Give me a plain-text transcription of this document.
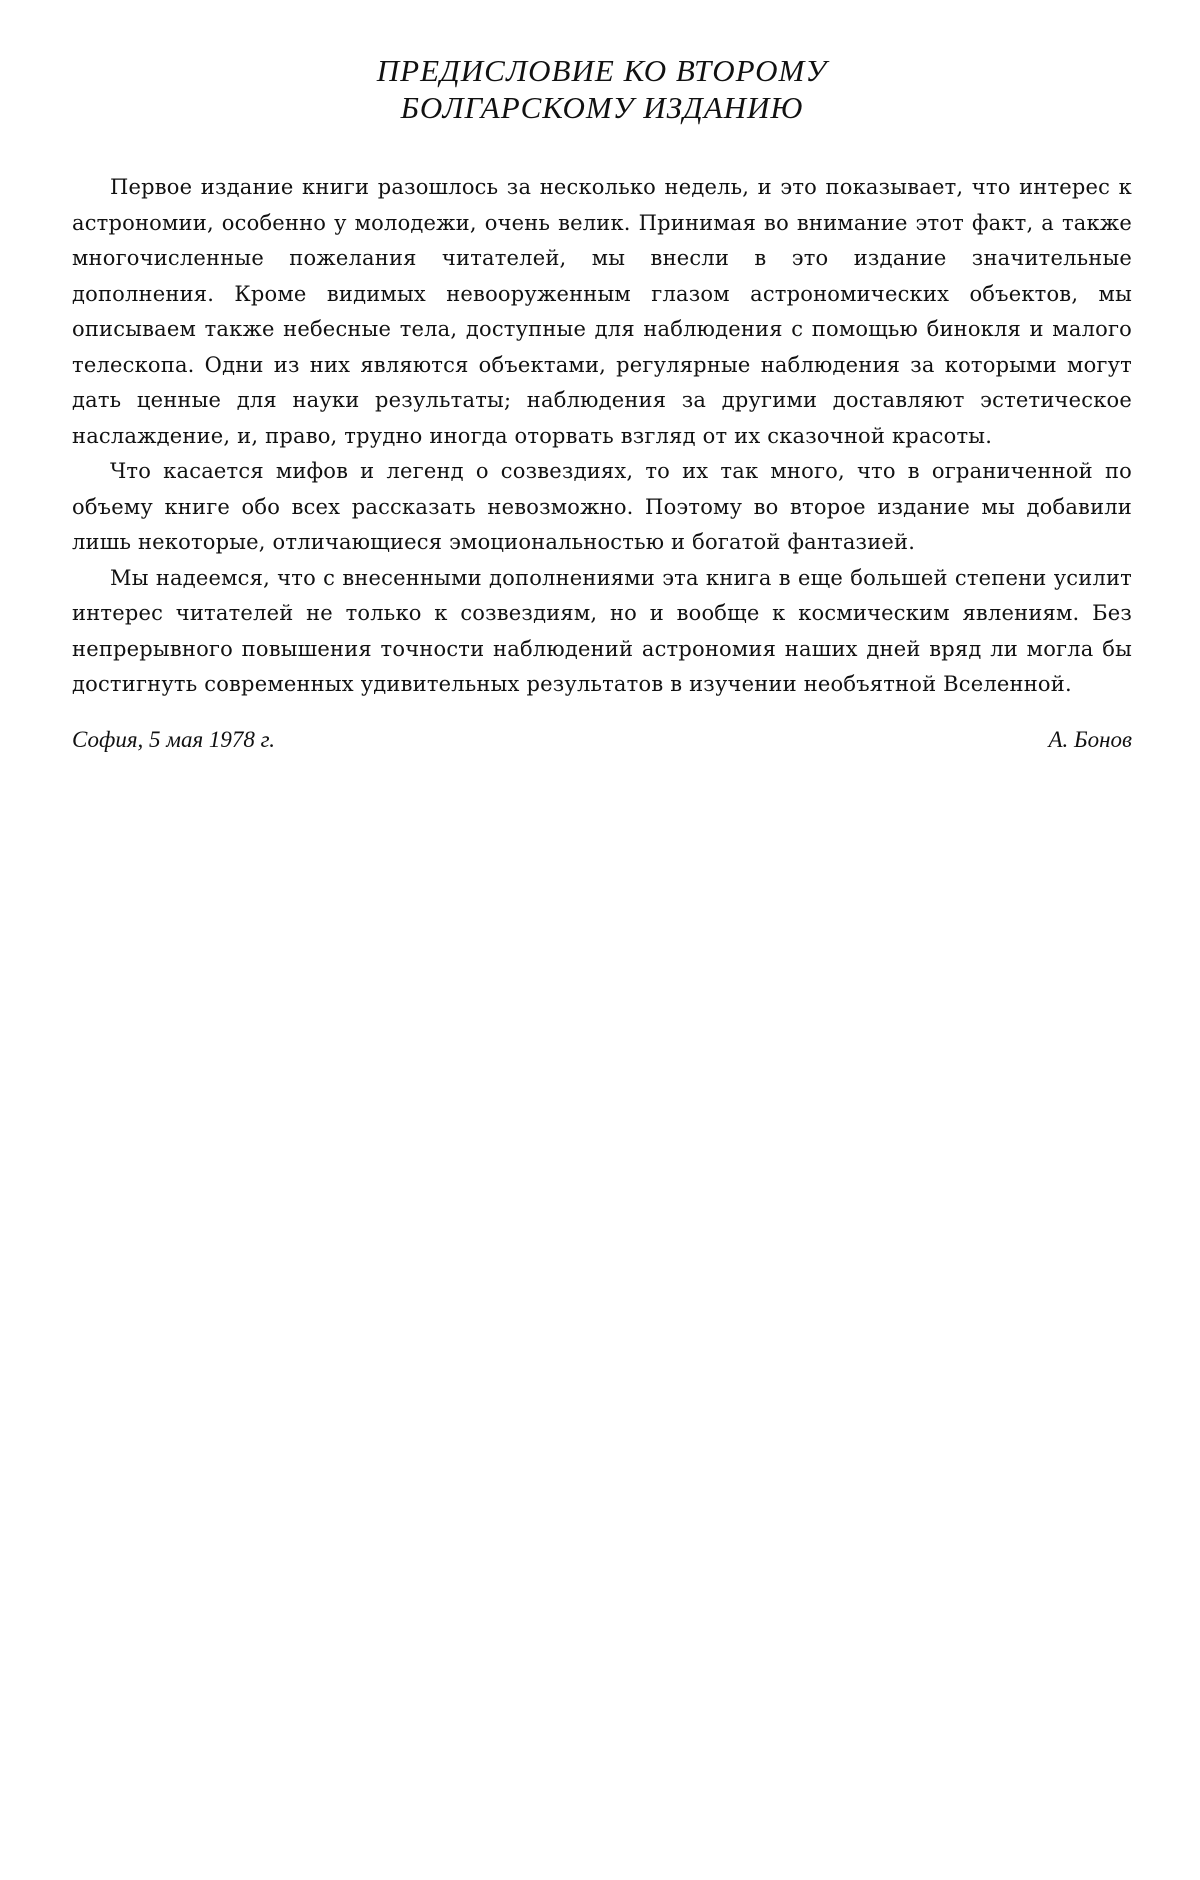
ПРЕДИСЛОВИЕ КО ВТОРОМУ
БОЛГАРСКОМУ ИЗДАНИЮ

Первое издание книги разошлось за несколько недель, и это показывает, что интерес к астрономии, особенно у молодежи, очень велик. Принимая во внимание этот факт, а также многочисленные пожелания читателей, мы внесли в это издание значительные дополнения. Кроме видимых невооруженным глазом астрономических объектов, мы описываем также небесные тела, доступные для наблюдения с помощью бинокля и малого телескопа. Одни из них являются объектами, регулярные наблюдения за которыми могут дать ценные для науки результаты; наблюдения за другими доставляют эстетическое наслаждение, и, право, трудно иногда оторвать взгляд от их сказочной красоты.

Что касается мифов и легенд о созвездиях, то их так много, что в ограниченной по объему книге обо всех рассказать невозможно. Поэтому во второе издание мы добавили лишь некоторые, отличающиеся эмоциональностью и богатой фантазией.

Мы надеемся, что с внесенными дополнениями эта книга в еще большей степени усилит интерес читателей не только к созвездиям, но и вообще к космическим явлениям. Без непрерывного повышения точности наблюдений астрономия наших дней вряд ли могла бы достигнуть современных удивительных результатов в изучении необъятной Вселенной.

София, 5 мая 1978 г.	А. Бонов
